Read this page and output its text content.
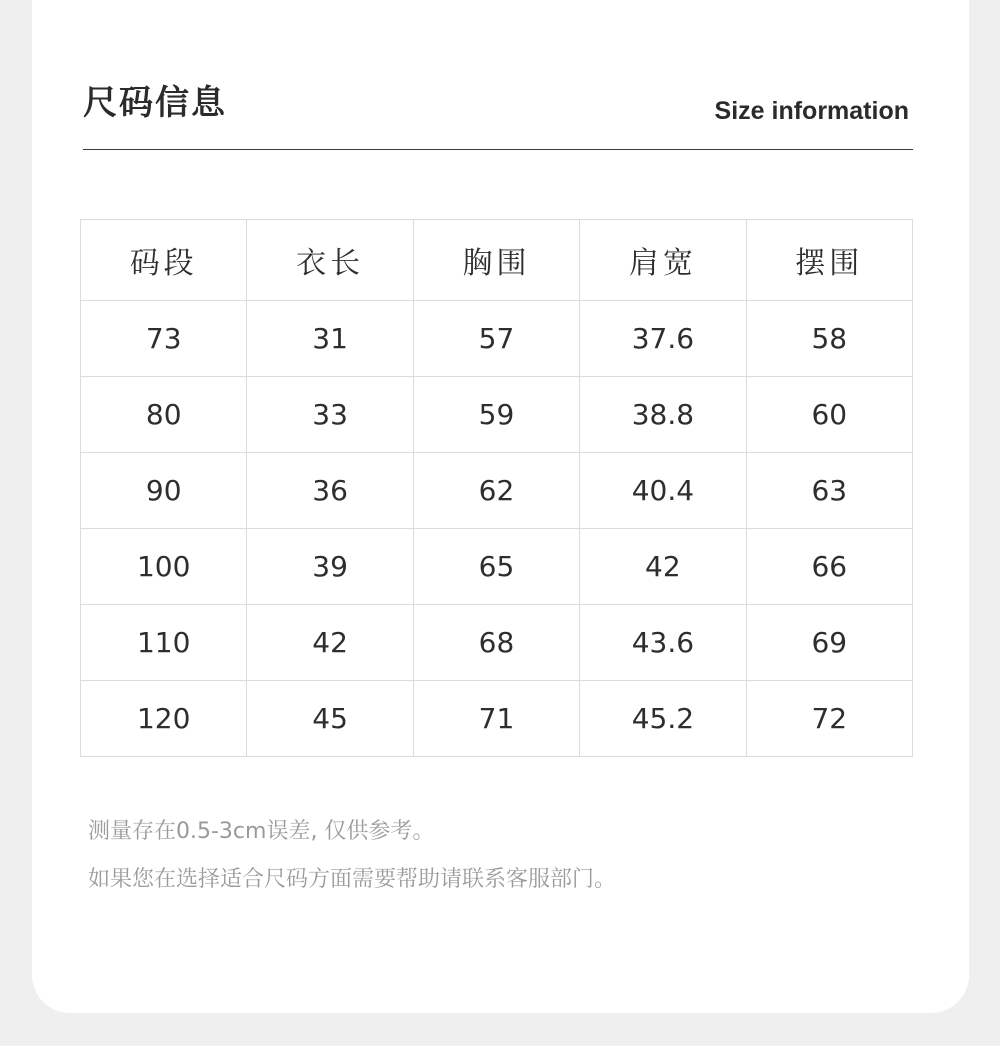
尺码信息	Size information
码段	衣长	胸围	肩宽	摆围
73	31	57	37.6	58
80	33	59	38.8	60
90	36	62	40.4	63
100	39	65	42	66
110	42	68	43.6	69
120	45	71	45.2	72
测量存在0.5-3cm误差, 仅供参考。
如果您在选择适合尺码方面需要帮助请联系客服部门。
